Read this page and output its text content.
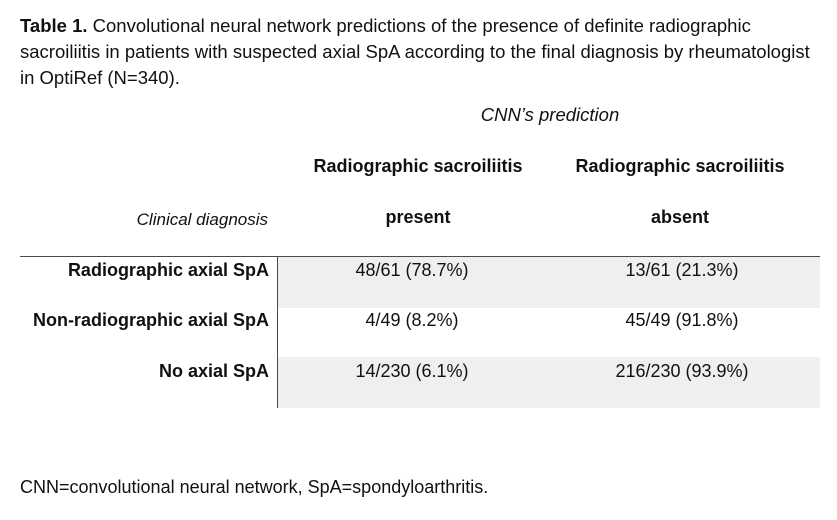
Table 1. Convolutional neural network predictions of the presence of definite radiographic sacroiliitis in patients with suspected axial SpA according to the final diagnosis by rheumatologist in OptiRef (N=340).
CNN’s prediction
Radiographic sacroiliitis
present
Radiographic sacroiliitis
absent
Clinical diagnosis
Radiographic axial SpA	48/61 (78.7%)	13/61 (21.3%)
Non-radiographic axial SpA	4/49 (8.2%)	45/49 (91.8%)
No axial SpA	14/230 (6.1%)	216/230 (93.9%)
CNN=convolutional neural network, SpA=spondyloarthritis.
